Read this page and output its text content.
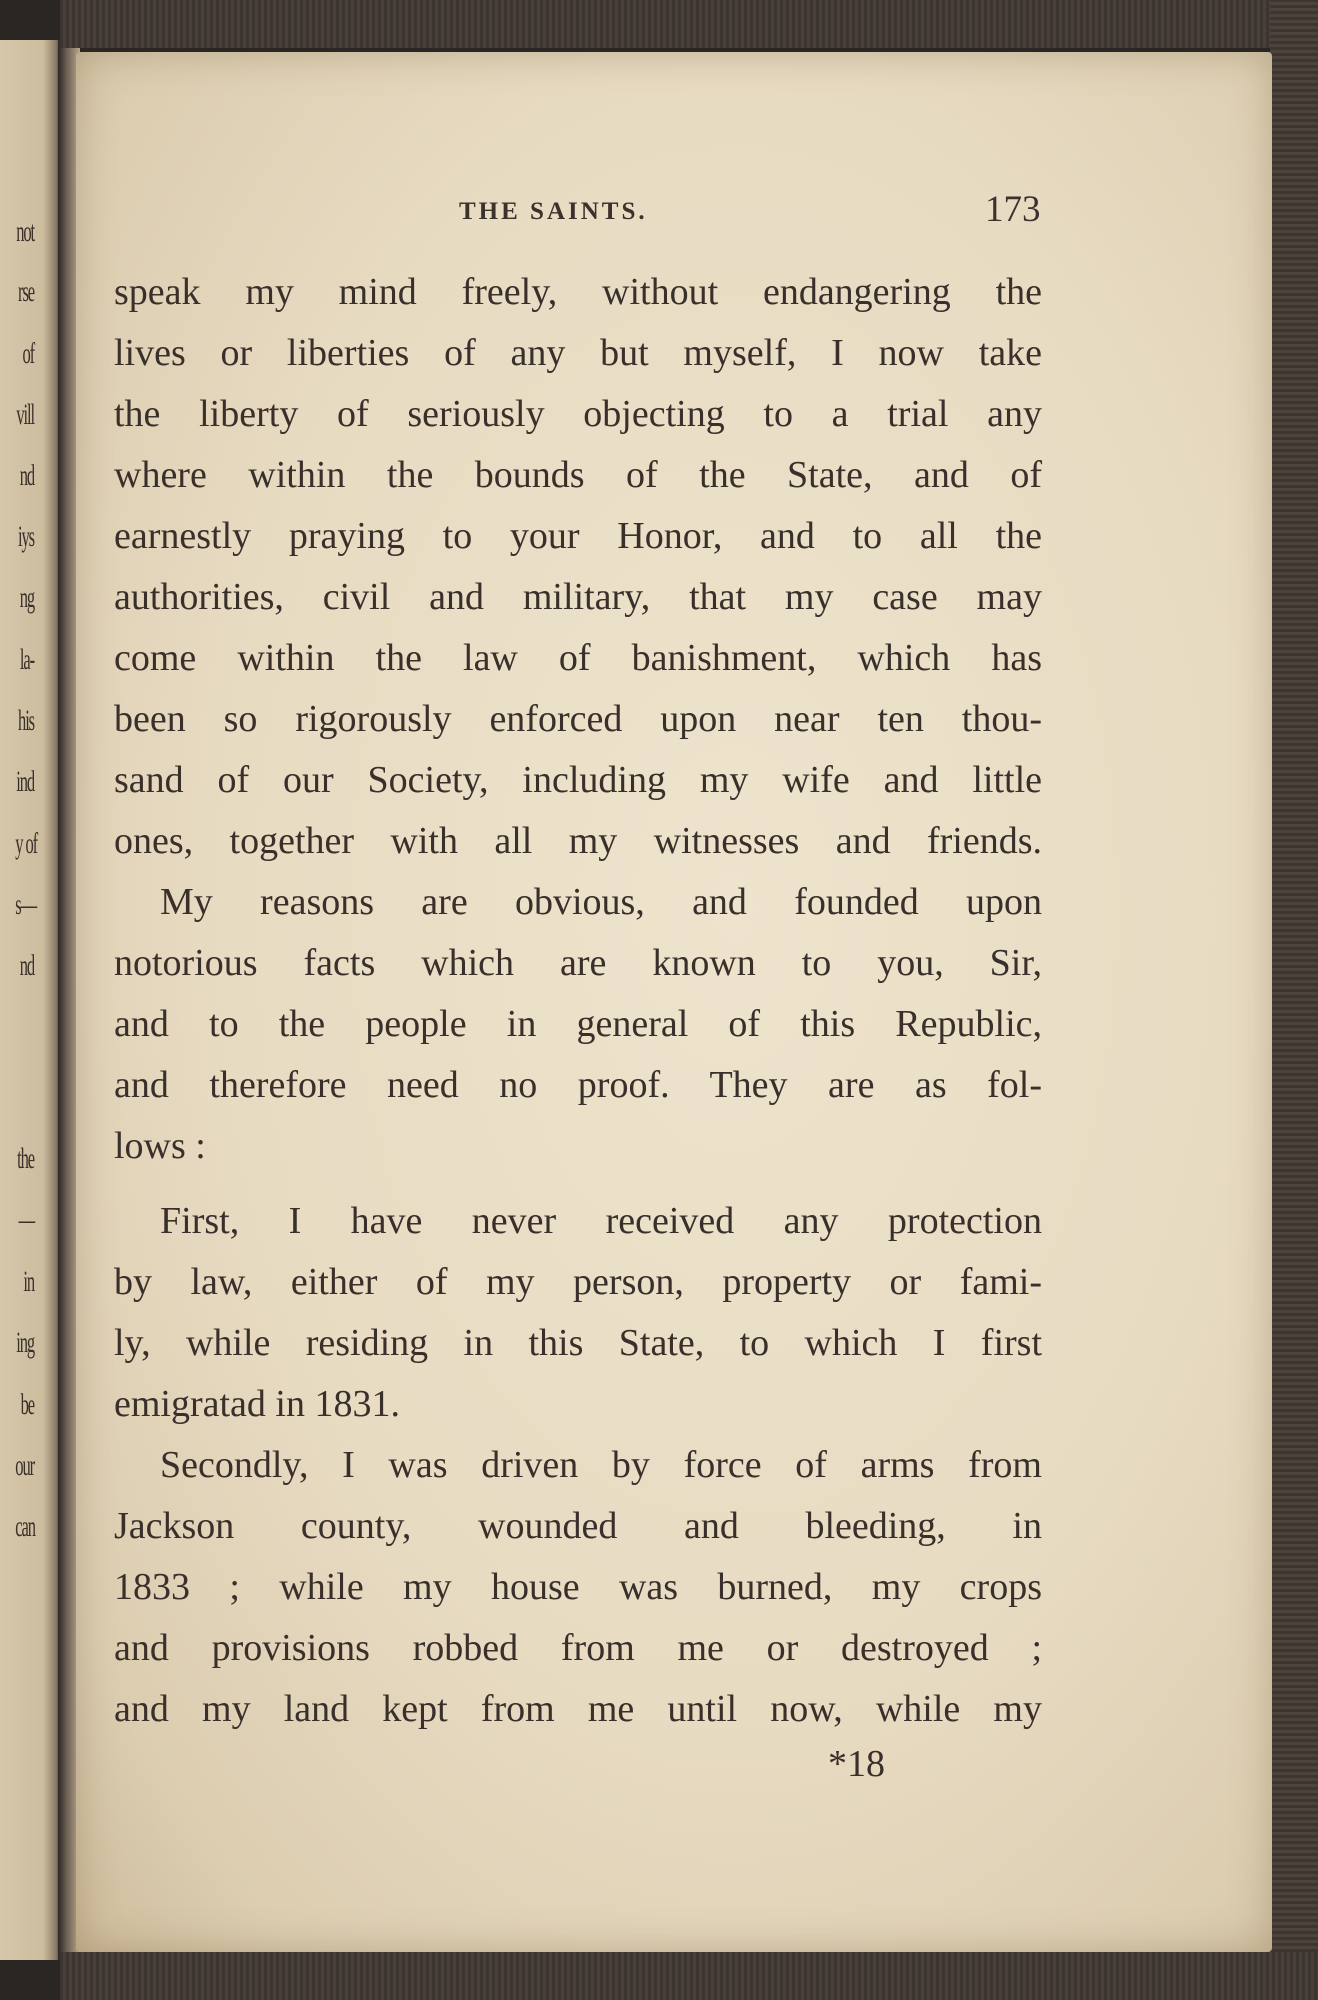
not
rse
of
vill
nd
iys
ng
la-
his
ind
y of
s—
nd
the
—
in
ing
be
our
can
THE SAINTS.	173
speak my mind freely, without endangering the
lives or liberties of any but myself, I now take
the liberty of seriously objecting to a trial any
where within the bounds of the State, and of
earnestly praying to your Honor, and to all the
authorities, civil and military, that my case may
come within the law of banishment, which has
been so rigorously enforced upon near ten thou-
sand of our Society, including my wife and little
ones, together with all my witnesses and friends.
My reasons are obvious, and founded upon
notorious facts which are known to you, Sir,
and to the people in general of this Republic,
and therefore need no proof. They are as fol-
lows :
First, I have never received any protection
by law, either of my person, property or fami-
ly, while residing in this State, to which I first
emigratad in 1831.
Secondly, I was driven by force of arms from
Jackson county, wounded and bleeding, in
1833 ; while my house was burned, my crops
and provisions robbed from me or destroyed ;
and my land kept from me until now, while my
*18
